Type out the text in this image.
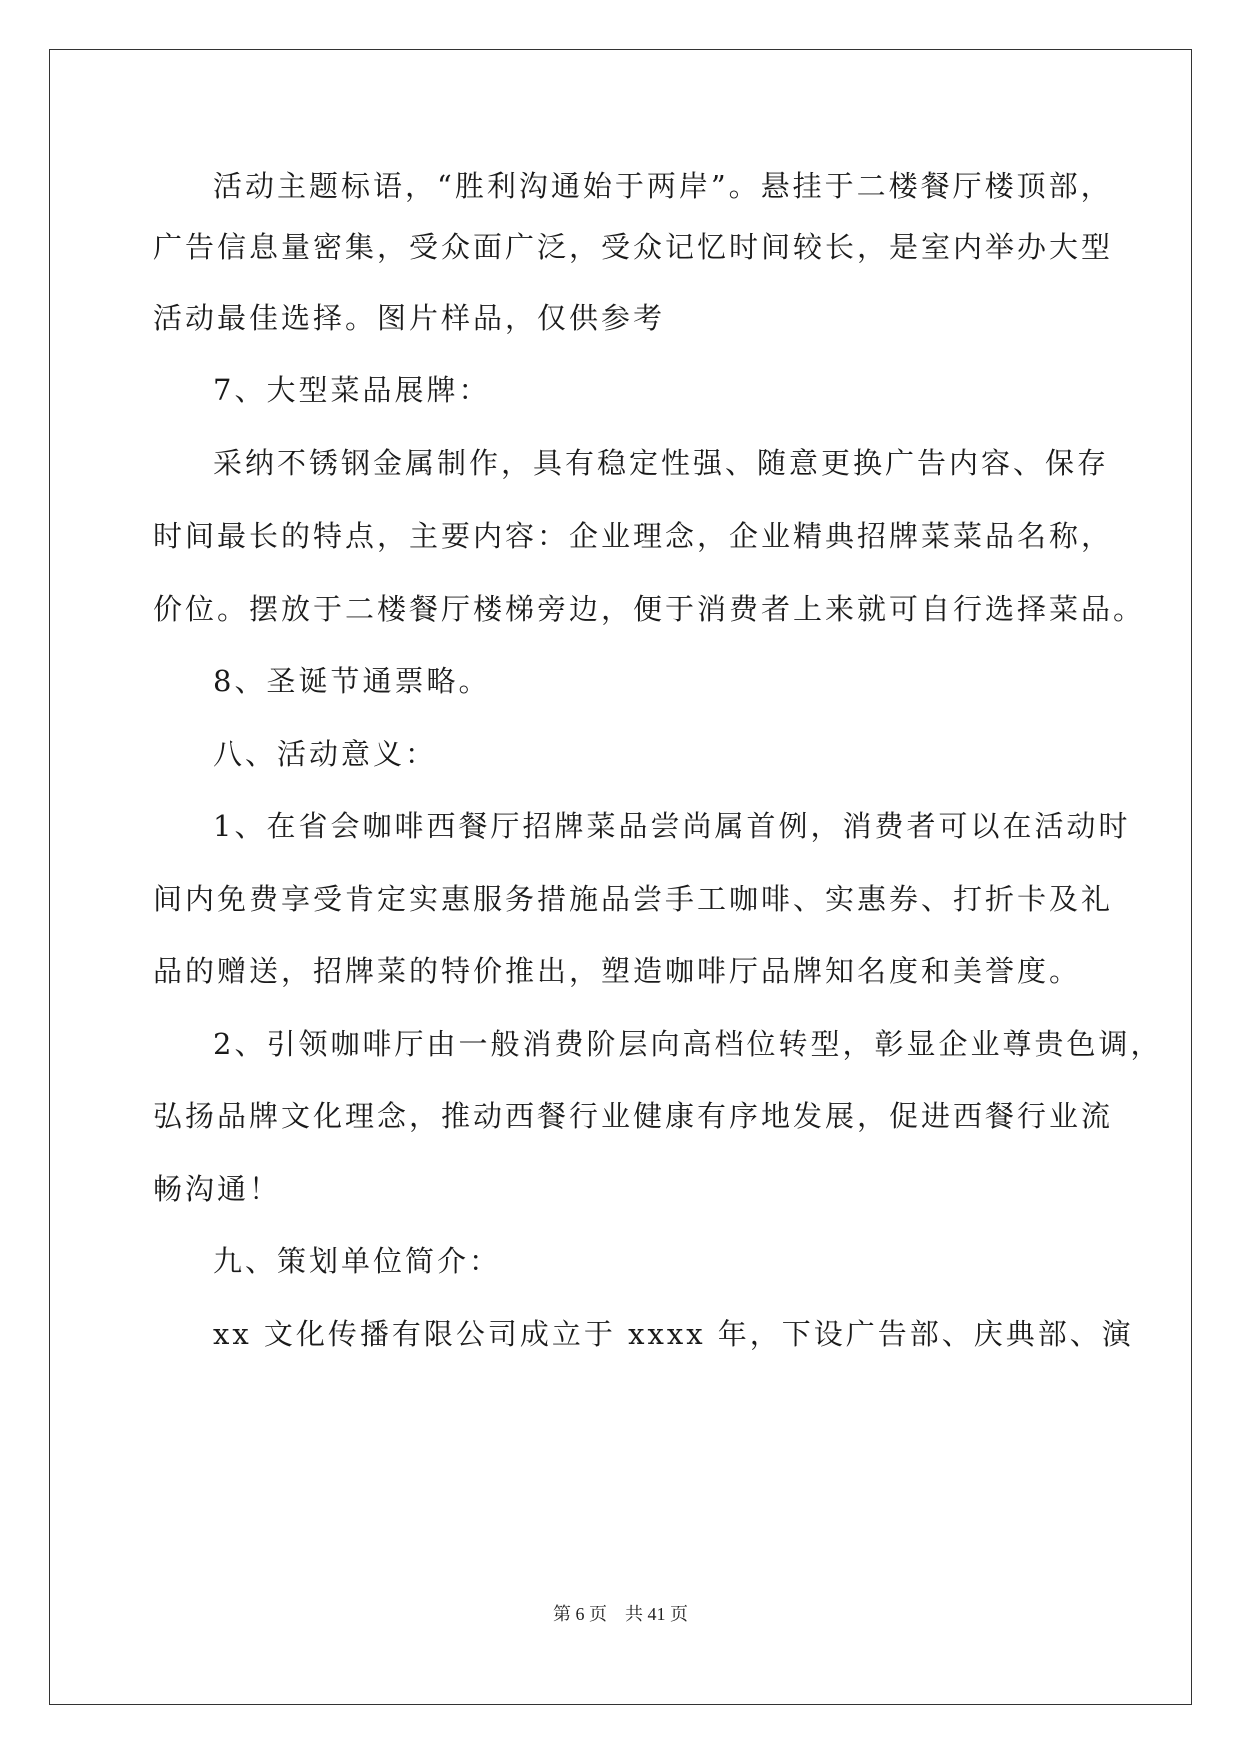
活动主题标语，“胜利沟通始于两岸”。悬挂于二楼餐厅楼顶部，
广告信息量密集，受众面广泛，受众记忆时间较长，是室内举办大型
活动最佳选择。图片样品，仅供参考
7、大型菜品展牌：
采纳不锈钢金属制作，具有稳定性强、随意更换广告内容、保存
时间最长的特点，主要内容：企业理念，企业精典招牌菜菜品名称，
价位。摆放于二楼餐厅楼梯旁边，便于消费者上来就可自行选择菜品。
8、圣诞节通票略。
八、活动意义：
1、在省会咖啡西餐厅招牌菜品尝尚属首例，消费者可以在活动时
间内免费享受肯定实惠服务措施品尝手工咖啡、实惠券、打折卡及礼
品的赠送，招牌菜的特价推出，塑造咖啡厅品牌知名度和美誉度。
2、引领咖啡厅由一般消费阶层向高档位转型，彰显企业尊贵色调，
弘扬品牌文化理念，推动西餐行业健康有序地发展，促进西餐行业流
畅沟通！
九、策划单位简介：
xx 文化传播有限公司成立于 xxxx 年，下设广告部、庆典部、演
第 6 页　共 41 页
